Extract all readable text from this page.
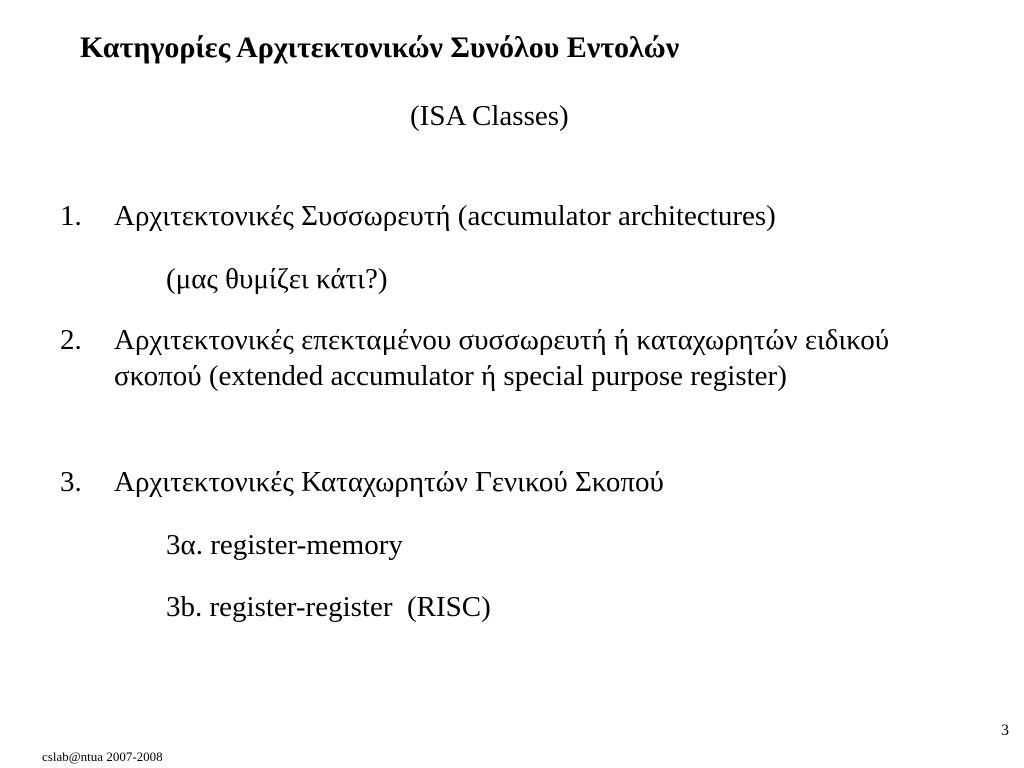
Κατηγορίες Αρχιτεκτονικών Συνόλου Εντολών
(ISA Classes)
1. Αρχιτεκτονικές Συσσωρευτή (accumulator architectures)
(μας θυμίζει κάτι?)
2. Αρχιτεκτονικές επεκταμένου συσσωρευτή ή καταχωρητών ειδικού σκοπού (extended accumulator ή special purpose register)
3. Αρχιτεκτονικές Καταχωρητών Γενικού Σκοπού
3α. register-memory
3b. register-register  (RISC)
cslab@ntua 2007-2008
3
